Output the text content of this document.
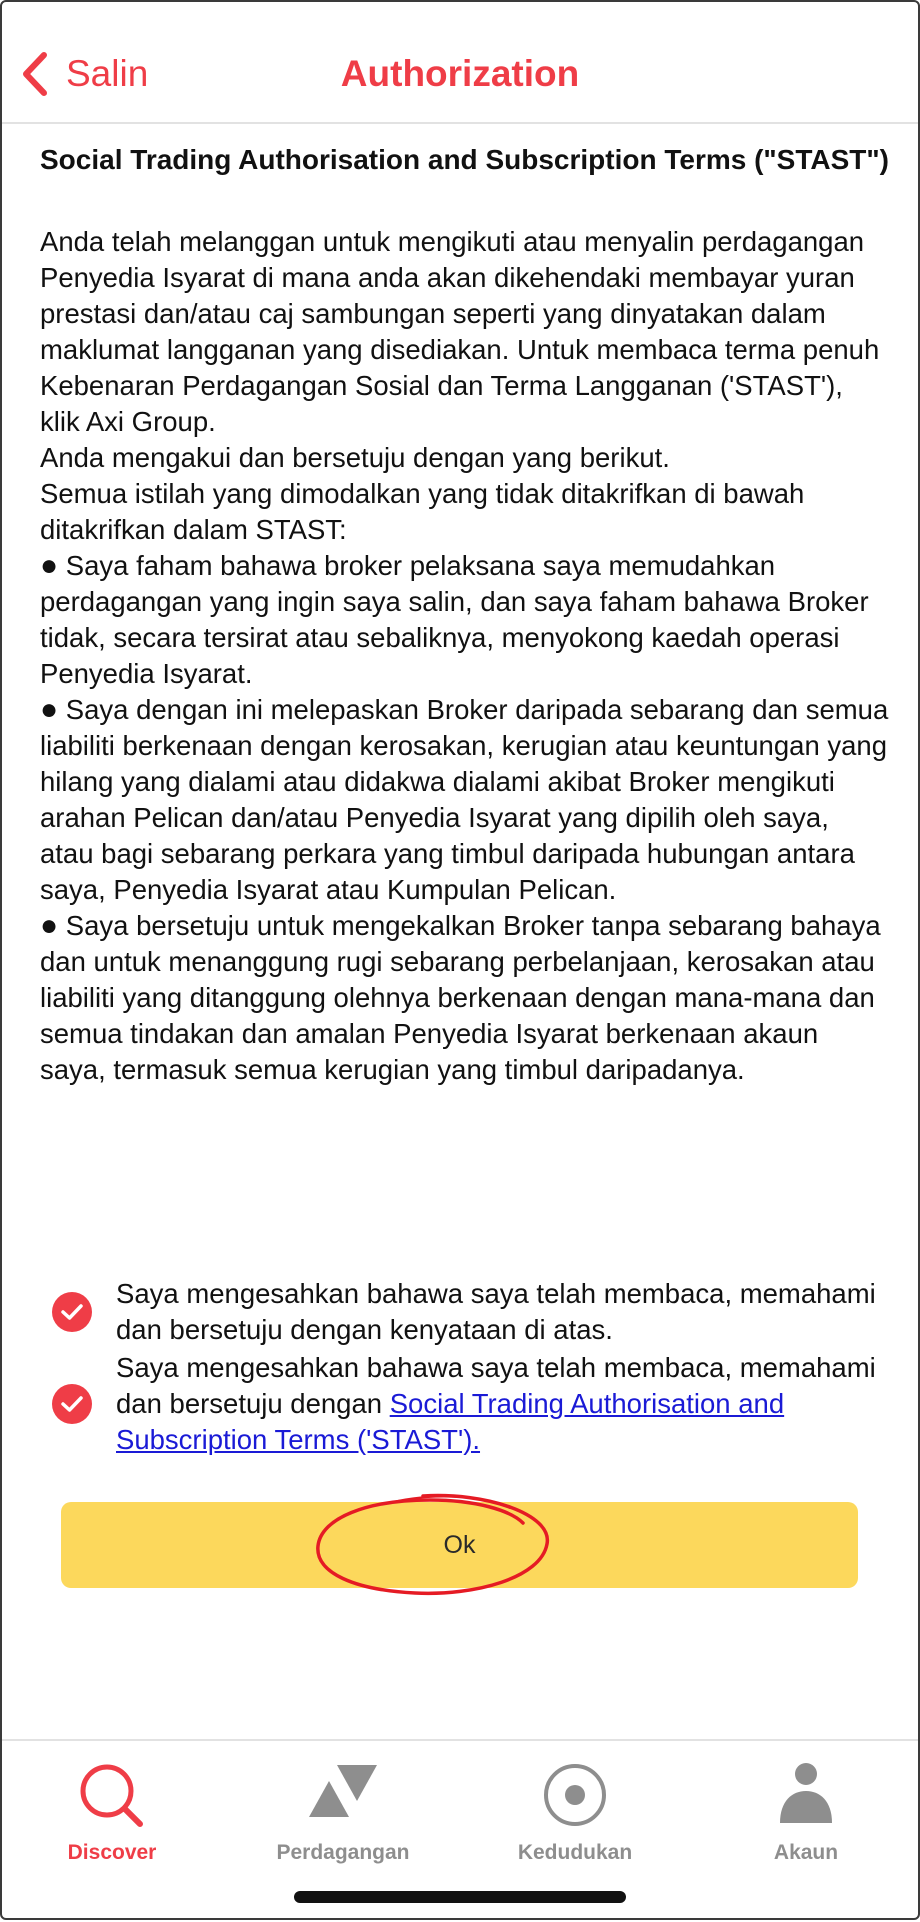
Salin	Authorization
Social Trading Authorisation and Subscription Terms ("STAST")

Anda telah melanggan untuk mengikuti atau menyalin perdagangan Penyedia Isyarat di mana anda akan dikehendaki membayar yuran prestasi dan/atau caj sambungan seperti yang dinyatakan dalam maklumat langganan yang disediakan. Untuk membaca terma penuh Kebenaran Perdagangan Sosial dan Terma Langganan ('STAST'), klik Axi Group.

Anda mengakui dan bersetuju dengan yang berikut.

Semua istilah yang dimodalkan yang tidak ditakrifkan di bawah ditakrifkan dalam STAST:

● Saya faham bahawa broker pelaksana saya memudahkan perdagangan yang ingin saya salin, dan saya faham bahawa Broker tidak, secara tersirat atau sebaliknya, menyokong kaedah operasi Penyedia Isyarat.

● Saya dengan ini melepaskan Broker daripada sebarang dan semua liabiliti berkenaan dengan kerosakan, kerugian atau keuntungan yang hilang yang dialami atau didakwa dialami akibat Broker mengikuti arahan Pelican dan/atau Penyedia Isyarat yang dipilih oleh saya, atau bagi sebarang perkara yang timbul daripada hubungan antara saya, Penyedia Isyarat atau Kumpulan Pelican.

● Saya bersetuju untuk mengekalkan Broker tanpa sebarang bahaya dan untuk menanggung rugi sebarang perbelanjaan, kerosakan atau liabiliti yang ditanggung olehnya berkenaan dengan mana-mana dan semua tindakan dan amalan Penyedia Isyarat berkenaan akaun saya, termasuk semua kerugian yang timbul daripadanya.

Saya mengesahkan bahawa saya telah membaca, memahami dan bersetuju dengan kenyataan di atas.
Saya mengesahkan bahawa saya telah membaca, memahami dan bersetuju dengan Social Trading Authorisation and Subscription Terms ('STAST').
Ok
Discover	Perdagangan	Kedudukan	Akaun
